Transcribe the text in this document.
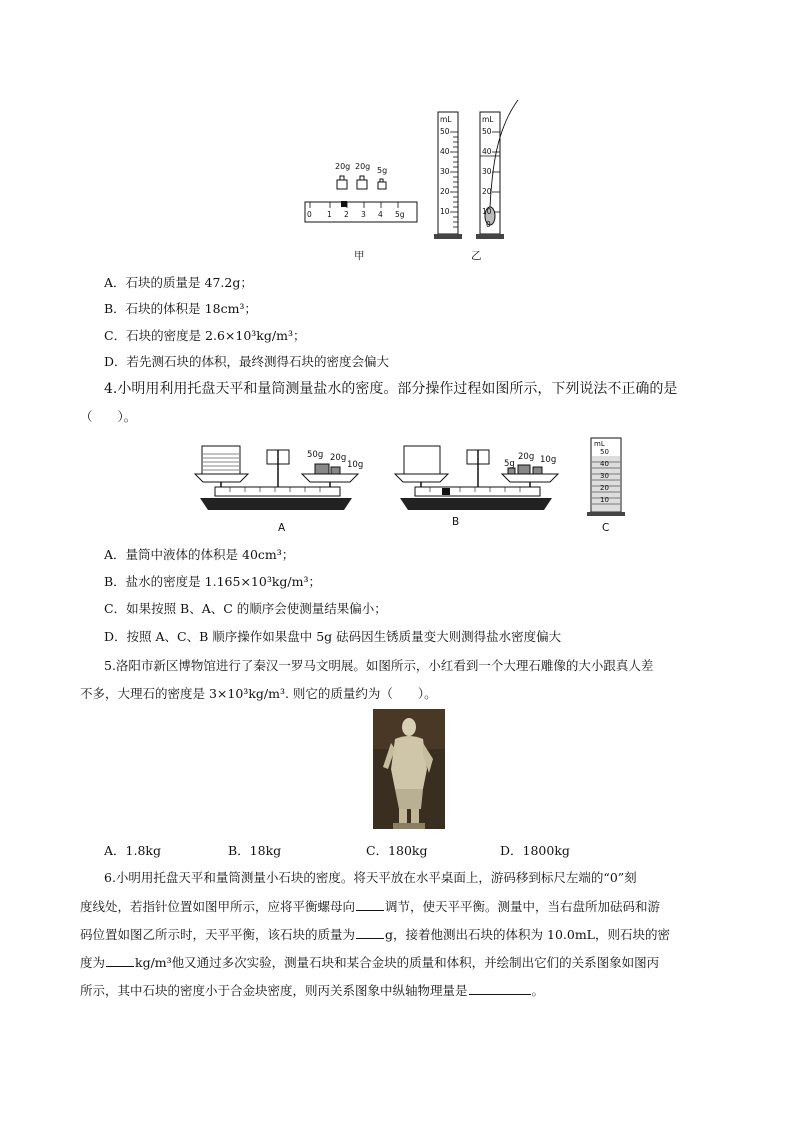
20g 20g 5g
0 1 2 3 4 5g
mL
50
40
30
20
10
mL
50
40
30
20
10
0
甲	乙
A．石块的质量是 47.2g；
B．石块的体积是 18cm³；
C．石块的密度是 2.6×10³kg/m³；
D．若先测石块的体积，最终测得石块的密度会偏大
4.小明用利用托盘天平和量筒测量盐水的密度。部分操作过程如图所示，下列说法不正确的是
（　　）。
50g 20g
10g
A
20g
5g	10g
B
mL
50
40
30
20
10
C
A．量筒中液体的体积是 40cm³；
B．盐水的密度是 1.165×10³kg/m³；
C．如果按照 B、A、C 的顺序会使测量结果偏小；
D．按照 A、C、B 顺序操作如果盘中 5g 砝码因生锈质量变大则测得盐水密度偏大
5.洛阳市新区博物馆进行了秦汉一罗马文明展。如图所示，小红看到一个大理石雕像的大小跟真人差
不多，大理石的密度是 3×10³kg/m³. 则它的质量约为（　　）。
A．1.8kg	B．18kg	C．180kg	D．1800kg
6.小明用托盘天平和量筒测量小石块的密度。将天平放在水平桌面上，游码移到标尺左端的“0”刻
度线处，若指针位置如图甲所示，应将平衡螺母向 调节，使天平平衡。测量中，当右盘所加砝码和游
码位置如图乙所示时，天平平衡，该石块的质量为 g，接着他测出石块的体积为 10.0mL，则石块的密
度为 kg/m³他又通过多次实验，测量石块和某合金块的质量和体积，并绘制出它们的关系图象如图丙
所示，其中石块的密度小于合金块密度，则丙关系图象中纵轴物理量是	。
